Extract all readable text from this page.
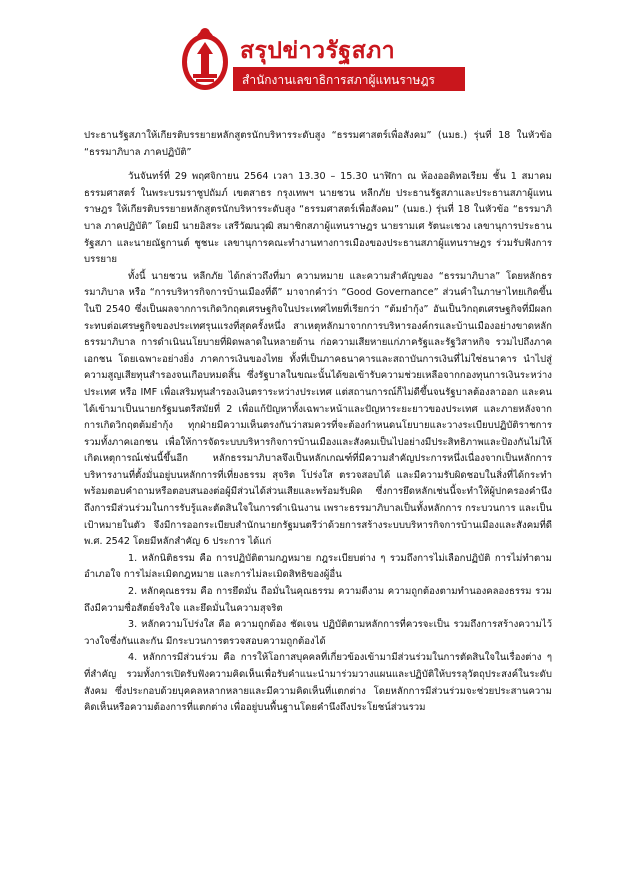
สรุปข่าวรัฐสภา
สำนักงานเลขาธิการสภาผู้แทนราษฎร

ประธานรัฐสภาให้เกียรติบรรยายหลักสูตรนักบริหารระดับสูง “ธรรมศาสตร์เพื่อสังคม” (นมธ.) รุ่นที่ 18 ในหัวข้อ “ธรรมาภิบาล ภาคปฏิบัติ”

วันจันทร์ที่ 29 พฤศจิกายน 2564 เวลา 13.30 – 15.30 นาฬิกา ณ ห้องออดิทอเรียม ชั้น 1 สมาคมธรรมศาสตร์ ในพระบรมราชูปถัมภ์ เขตสาธร กรุงเทพฯ นายชวน หลีกภัย ประธานรัฐสภาและประธานสภาผู้แทนราษฎร ให้เกียรติบรรยายหลักสูตรนักบริหารระดับสูง “ธรรมศาสตร์เพื่อสังคม” (นมธ.) รุ่นที่ 18 ในหัวข้อ “ธรรมาภิบาล ภาคปฏิบัติ” โดยมี นายอิสระ เสรีวัฒนวุฒิ สมาชิกสภาผู้แทนราษฎร นายรามเศ รัตนะเชวง เลขานุการประธานรัฐสภา และนายณัฐกานต์ ชูชนะ เลขานุการคณะทำงานทางการเมืองของประธานสภาผู้แทนราษฎร ร่วมรับฟังการบรรยาย

ทั้งนี้ นายชวน หลีกภัย ได้กล่าวถึงที่มา ความหมาย และความสำคัญของ “ธรรมาภิบาล” โดยหลักธรรมาภิบาล หรือ “การบริหารกิจการบ้านเมืองที่ดี” มาจากคำว่า “Good Governance” ส่วนคำในภาษาไทยเกิดขึ้นในปี 2540 ซึ่งเป็นผลจากการเกิดวิกฤตเศรษฐกิจในประเทศไทยที่เรียกว่า “ต้มยำกุ้ง” อันเป็นวิกฤตเศรษฐกิจที่มีผลกระทบต่อเศรษฐกิจของประเทศรุนแรงที่สุดครั้งหนึ่ง สาเหตุหลักมาจากการบริหารองค์กรและบ้านเมืองอย่างขาดหลักธรรมาภิบาล การดำเนินนโยบายที่ผิดพลาดในหลายด้าน ก่อความเสียหายแก่ภาครัฐและรัฐวิสาหกิจ รวมไปถึงภาคเอกชน โดยเฉพาะอย่างยิ่ง ภาคการเงินของไทย ทั้งที่เป็นภาคธนาคารและสถาบันการเงินที่ไม่ใช่ธนาคาร นำไปสู่ความสูญเสียทุนสำรองจนเกือบหมดสิ้น ซึ่งรัฐบาลในขณะนั้นได้ขอเข้ารับความช่วยเหลือจากกองทุนการเงินระหว่างประเทศ หรือ IMF เพื่อเสริมทุนสำรองเงินตราระหว่างประเทศ แต่สถานการณ์ก็ไม่ดีขึ้นจนรัฐบาลต้องลาออก และคนได้เข้ามาเป็นนายกรัฐมนตรีสมัยที่ 2 เพื่อแก้ปัญหาทั้งเฉพาะหน้าและปัญหาระยะยาวของประเทศ และภายหลังจากการเกิดวิกฤตต้มยำกุ้ง ทุกฝ่ายมีความเห็นตรงกันว่าสมควรที่จะต้องกำหนดนโยบายและวางระเบียบปฏิบัติราชการ รวมทั้งภาคเอกชน เพื่อให้การจัดระบบบริหารกิจการบ้านเมืองและสังคมเป็นไปอย่างมีประสิทธิภาพและป้องกันไม่ให้เกิดเหตุการณ์เช่นนี้ขึ้นอีก หลักธรรมาภิบาลจึงเป็นหลักเกณฑ์ที่มีความสำคัญประการหนึ่งเนื่องจากเป็นหลักการบริหารงานที่ตั้งมั่นอยู่บนหลักการที่เที่ยงธรรม สุจริต โปร่งใส ตรวจสอบได้ และมีความรับผิดชอบในสิ่งที่ได้กระทำ พร้อมตอบคำถามหรือตอบสนองต่อผู้มีส่วนได้ส่วนเสียและพร้อมรับผิด ซึ่งการยึดหลักเช่นนี้จะทำให้ผู้ปกครองคำนึงถึงการมีส่วนร่วมในการรับรู้และตัดสินใจในการดำเนินงาน เพราะธรรมาภิบาลเป็นทั้งหลักการ กระบวนการ และเป็นเป้าหมายในตัว จึงมีการออกระเบียบสำนักนายกรัฐมนตรีว่าด้วยการสร้างระบบบริหารกิจการบ้านเมืองและสังคมที่ดี พ.ศ. 2542 โดยมีหลักสำคัญ 6 ประการ ได้แก่

1. หลักนิติธรรม คือ การปฏิบัติตามกฎหมาย กฎระเบียบต่าง ๆ รวมถึงการไม่เลือกปฏิบัติ การไม่ทำตามอำเภอใจ การไม่ละเมิดกฎหมาย และการไม่ละเมิดสิทธิของผู้อื่น

2. หลักคุณธรรม คือ การยึดมั่น ถือมั่นในคุณธรรม ความดีงาม ความถูกต้องตามทำนองคลองธรรม รวมถึงมีความซื่อสัตย์จริงใจ และยึดมั่นในความสุจริต

3. หลักความโปร่งใส คือ ความถูกต้อง ชัดเจน ปฏิบัติตามหลักการที่ควรจะเป็น รวมถึงการสร้างความไว้วางใจซึ่งกันและกัน มีกระบวนการตรวจสอบความถูกต้องได้

4. หลักการมีส่วนร่วม คือ การให้โอกาสบุคคลที่เกี่ยวข้องเข้ามามีส่วนร่วมในการตัดสินใจในเรื่องต่าง ๆ ที่สำคัญ รวมทั้งการเปิดรับฟังความคิดเห็นเพื่อรับคำแนะนำมาร่วมวางแผนและปฏิบัติให้บรรลุวัตถุประสงค์ในระดับสังคม ซึ่งประกอบด้วยบุคคลหลากหลายและมีความคิดเห็นที่แตกต่าง โดยหลักการมีส่วนร่วมจะช่วยประสานความคิดเห็นหรือความต้องการที่แตกต่าง เพื่ออยู่บนพื้นฐานโดยคำนึงถึงประโยชน์ส่วนรวม
